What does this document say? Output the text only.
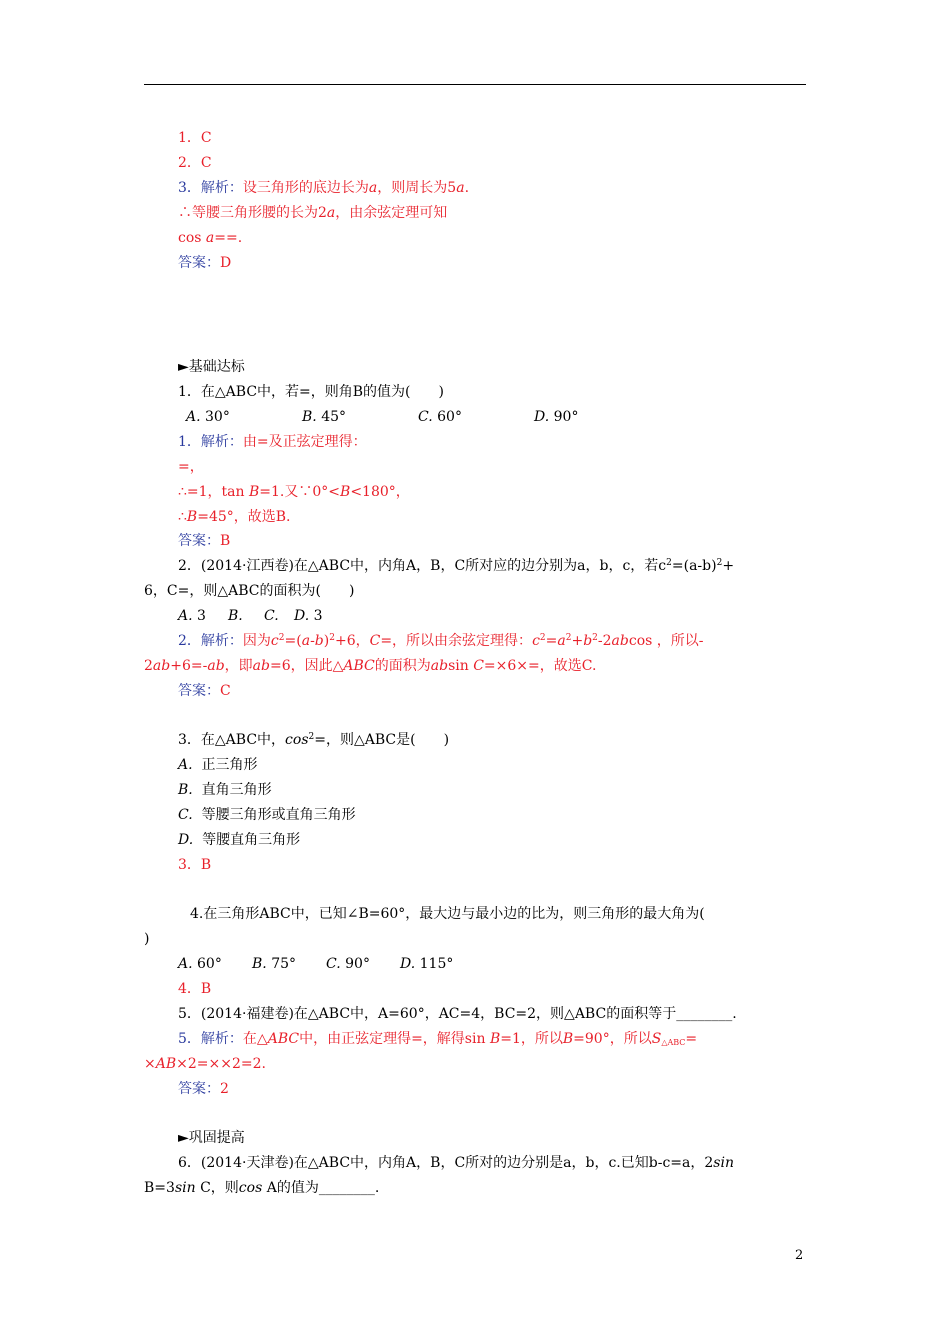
1．C

2．C

3．解析：设三角形的底边长为a，则周长为5a.

∴等腰三角形腰的长为2a，由余弦定理可知

cos a==.

答案：D

►基础达标

1．在△ABC中，若=，则角B的值为(　　)

A. 30°	B. 45°	C. 60°	D. 90°

1．解析：由=及正弦定理得：

=，

∴=1，tan B=1.又∵0°<B<180°，

∴B=45°，故选B.

答案：B

2．(2014·江西卷)在△ABC中，内角A，B，C所对应的边分别为a，b，c，若$c^2=(a-b)^2+$

6，C=，则△ABC的面积为(　　)

A. 3 B. C. D. 3

2．解析：因为$c^2=(a-b)^2+6$，C=，所以由余弦定理得：$c^2=a^2+b^2-2abcos$ ，所以-

2ab+6=-ab，即ab=6，因此△ABC的面积为absin C=×6×=，故选C.

答案：C

3．在△ABC中，$\cos^2=$，则△ABC是(　　)

A. 正三角形

B. 直角三角形

C. 等腰三角形或直角三角形

D. 等腰直角三角形

3．B

4.在三角形ABC中，已知∠B=60°，最大边与最小边的比为，则三角形的最大角为(

)

A. 60° B. 75° C. 90° D. 115°

4．B

5．(2014·福建卷)在△ABC中，A=60°，AC=4，BC=2，则△ABC的面积等于________.

5．解析：在△ABC中，由正弦定理得=，解得sin B=1，所以B=90°，所以$S_{\triangle ABC}=$

×AB×2=××2=2.

答案：2

►巩固提高

6．(2014·天津卷)在△ABC中，内角A，B，C所对的边分别是a，b，c.已知b-c=a，2sin

B=3sin C，则cos A的值为________.

2
